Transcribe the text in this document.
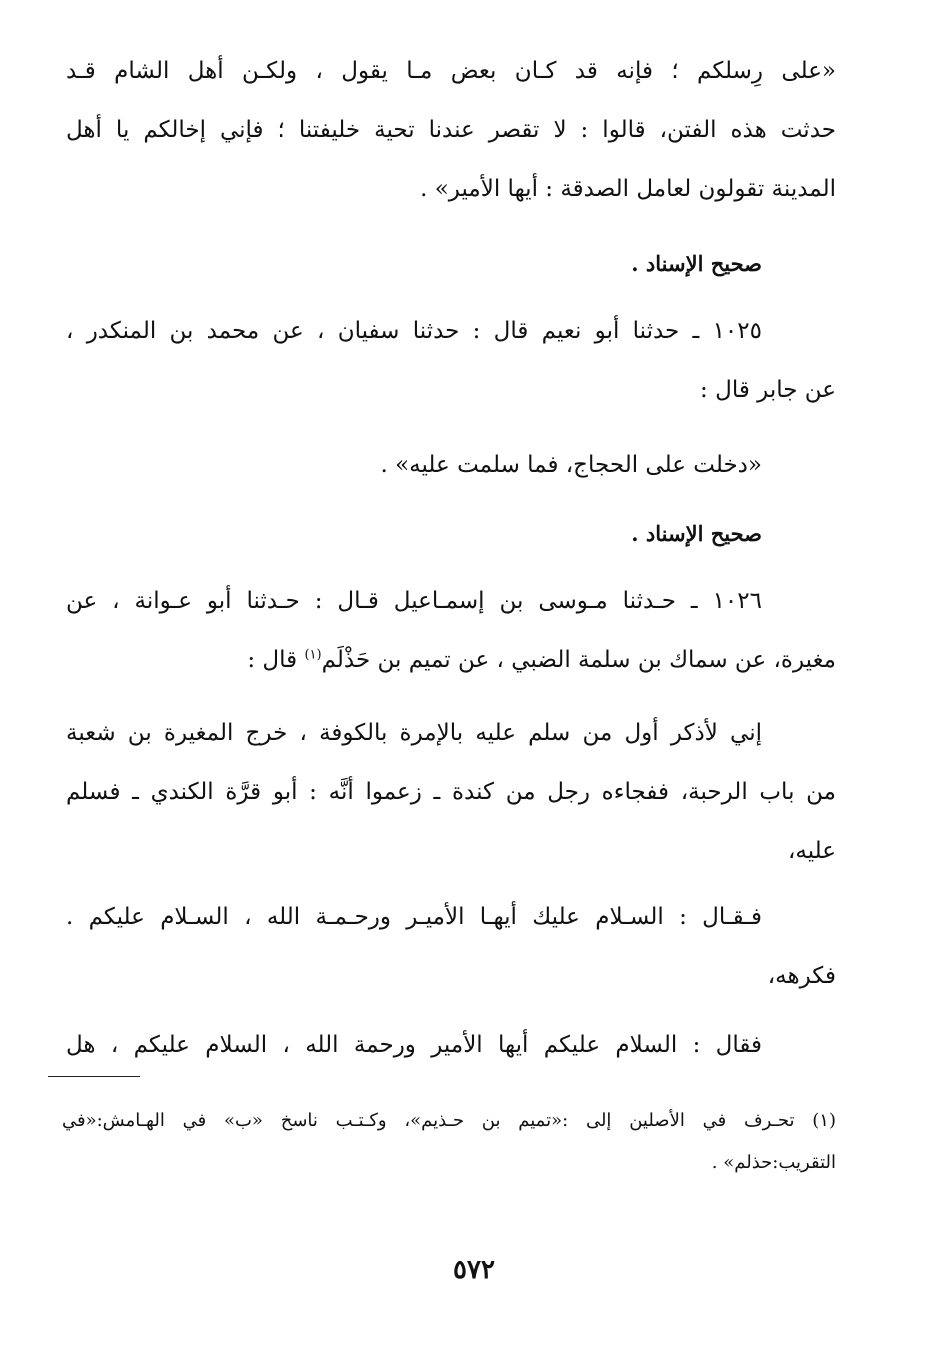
«على رِسلكم ؛ فإنه قد كـان بعض مـا يقول ، ولكـن أهل الشام قـد
حدثت هذه الفتن، قالوا : لا تقصر عندنا تحية خليفتنا ؛ فإني إخالكم يا أهل
المدينة تقولون لعامل الصدقة : أيها الأمير» .
صحيح الإسناد .
١٠٢٥ ـ حدثنا أبو نعيم قال : حدثنا سفيان ، عن محمد بن المنكدر ،
عن جابر قال :
«دخلت على الحجاج، فما سلمت عليه» .
صحيح الإسناد .
١٠٢٦ ـ حـدثنا مـوسى بن إسمـاعيل قـال : حـدثنا أبو عـوانة ، عن
مغيرة، عن سماك بن سلمة الضبي ، عن تميم بن حَذْلَم$^{(١)}$ قال :
إني لأذكر أول من سلم عليه بالإمرة بالكوفة ، خرج المغيرة بن شعبة
من باب الرحبة، ففجاءه رجل من كندة ـ زعموا أنَّه : أبو قرَّة الكندي ـ فسلم
عليه،
فـقـال : السـلام عليك أيهـا الأميـر ورحـمـة الله ، السـلام عليكم .
فكرهه،
فقال : السلام عليكم أيها الأمير ورحمة الله ، السلام عليكم ، هل
(١) تحـرف في الأصلين إلى :«تميم بن حـذيم»، وكـتـب ناسخ «ب» في الهـامش:«في
التقريب:حذلم» .
٥٧٢
